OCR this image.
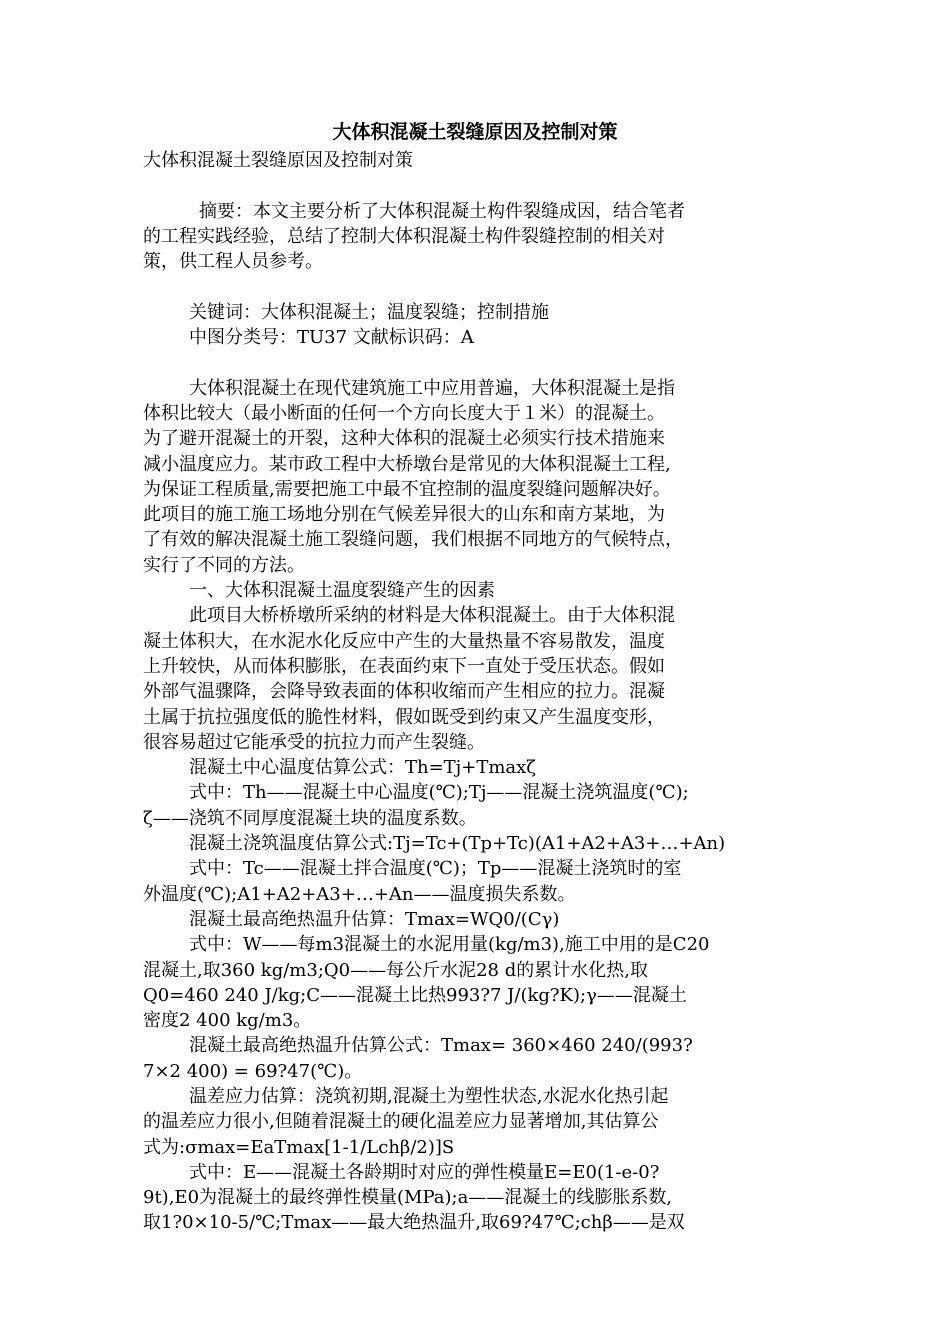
大体积混凝土裂缝原因及控制对策
大体积混凝土裂缝原因及控制对策
摘要：本文主要分析了大体积混凝土构件裂缝成因，结合笔者
的工程实践经验，总结了控制大体积混凝土构件裂缝控制的相关对
策，供工程人员参考。
关键词：大体积混凝土；温度裂缝；控制措施
中图分类号：TU37 文献标识码：A
大体积混凝土在现代建筑施工中应用普遍，大体积混凝土是指
体积比较大（最小断面的任何一个方向长度大于１米）的混凝土。
为了避开混凝土的开裂，这种大体积的混凝土必须实行技术措施来
减小温度应力。某市政工程中大桥墩台是常见的大体积混凝土工程,
为保证工程质量,需要把施工中最不宜控制的温度裂缝问题解决好。
此项目的施工施工场地分别在气候差异很大的山东和南方某地，为
了有效的解决混凝土施工裂缝问题，我们根据不同地方的气候特点，
实行了不同的方法。
一、大体积混凝土温度裂缝产生的因素
此项目大桥桥墩所采纳的材料是大体积混凝土。由于大体积混
凝土体积大，在水泥水化反应中产生的大量热量不容易散发，温度
上升较快，从而体积膨胀，在表面约束下一直处于受压状态。假如
外部气温骤降，会降导致表面的体积收缩而产生相应的拉力。混凝
土属于抗拉强度低的脆性材料，假如既受到约束又产生温度变形，
很容易超过它能承受的抗拉力而产生裂缝。
混凝土中心温度估算公式：Th=Tj+Tmaxζ
式中：Th——混凝土中心温度(℃);Tj——混凝土浇筑温度(℃);
ζ——浇筑不同厚度混凝土块的温度系数。
混凝土浇筑温度估算公式:Tj=Tc+(Tp+Tc)(A1+A2+A3+…+An)
式中：Tc——混凝土拌合温度(℃)；Tp——混凝土浇筑时的室
外温度(℃);A1+A2+A3+…+An——温度损失系数。
混凝土最高绝热温升估算：Tmax=WQ0/(Cγ)
式中：W——每m3混凝土的水泥用量(kg/m3),施工中用的是C20
混凝土,取360 kg/m3;Q0——每公斤水泥28 d的累计水化热,取
Q0=460 240 J/kg;C——混凝土比热993?7 J/(kg?K);γ——混凝土
密度2 400 kg/m3。
混凝土最高绝热温升估算公式：Tmax= 360×460 240/(993?
7×2 400) = 69?47(℃)。
温差应力估算：浇筑初期,混凝土为塑性状态,水泥水化热引起
的温差应力很小,但随着混凝土的硬化温差应力显著增加,其估算公
式为:σmax=EaTmax[1-1/Lchβ/2)]S
式中：E——混凝土各龄期时对应的弹性模量E=E0(1-e-0?
9t),E0为混凝土的最终弹性模量(MPa);a——混凝土的线膨胀系数,
取1?0×10-5/℃;Tmax——最大绝热温升,取69?47℃;chβ——是双
